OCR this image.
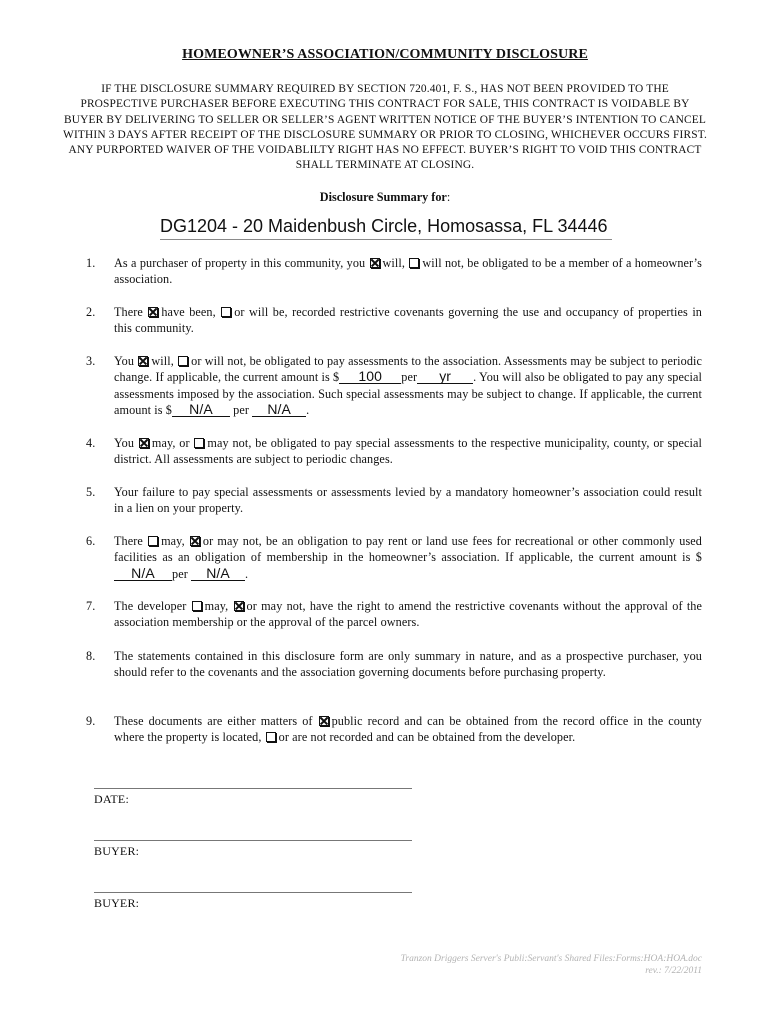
HOMEOWNER’S ASSOCIATION/COMMUNITY DISCLOSURE
IF THE DISCLOSURE SUMMARY REQUIRED BY SECTION 720.401, F. S., HAS NOT BEEN PROVIDED TO THE PROSPECTIVE PURCHASER BEFORE EXECUTING THIS CONTRACT FOR SALE, THIS CONTRACT IS VOIDABLE BY BUYER BY DELIVERING TO SELLER OR SELLER’S AGENT WRITTEN NOTICE OF THE BUYER’S INTENTION TO CANCEL WITHIN 3 DAYS AFTER RECEIPT OF THE DISCLOSURE SUMMARY OR PRIOR TO CLOSING, WHICHEVER OCCURS FIRST. ANY PURPORTED WAIVER OF THE VOIDABLILTY RIGHT HAS NO EFFECT. BUYER’S RIGHT TO VOID THIS CONTRACT SHALL TERMINATE AT CLOSING.
Disclosure Summary for:
DG1204 - 20 Maidenbush Circle, Homosassa, FL 34446
1.	As a purchaser of property in this community, you will, will not, be obligated to be a member of a homeowner’s association.
2.	There have been, or will be, recorded restrictive covenants governing the use and occupancy of properties in this community.
3.	You will, or will not, be obligated to pay assessments to the association. Assessments may be subject to periodic change. If applicable, the current amount is $ 100 per yr . You will also be obligated to pay any special assessments imposed by the association. Such special assessments may be subject to change. If applicable, the current amount is $ N/A per N/A .
4.	You may, or may not, be obligated to pay special assessments to the respective municipality, county, or special district. All assessments are subject to periodic changes.
5.	Your failure to pay special assessments or assessments levied by a mandatory homeowner’s association could result in a lien on your property.
6.	There may, or may not, be an obligation to pay rent or land use fees for recreational or other commonly used facilities as an obligation of membership in the homeowner’s association. If applicable, the current amount is $N/A per N/A .
7.	The developer may, or may not, have the right to amend the restrictive covenants without the approval of the association membership or the approval of the parcel owners.
8.	The statements contained in this disclosure form are only summary in nature, and as a prospective purchaser, you should refer to the covenants and the association governing documents before purchasing property.
9.	These documents are either matters of public record and can be obtained from the record office in the county where the property is located, or are not recorded and can be obtained from the developer.
DATE:
BUYER:
BUYER:
Tranzon Driggers Server's Publi:Servant's Shared Files:Forms:HOA:HOA.doc
rev.: 7/22/2011
